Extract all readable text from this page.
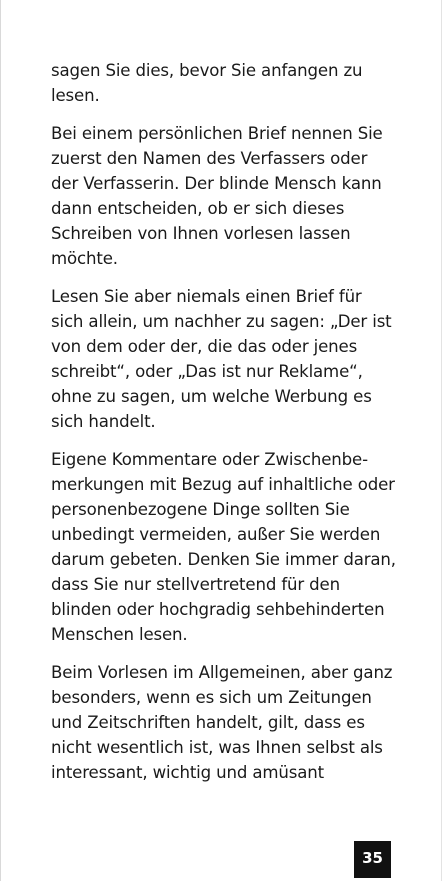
sagen Sie dies, bevor Sie anfangen zu lesen.

Bei einem persönlichen Brief nennen Sie zuerst den Namen des Verfassers oder der Verfasserin. Der blinde Mensch kann dann entscheiden, ob er sich dieses Schreiben von Ihnen vorlesen lassen möchte.

Lesen Sie aber niemals einen Brief für sich allein, um nachher zu sagen: „Der ist von dem oder der, die das oder jenes schreibt“, oder „Das ist nur Reklame“, ohne zu sagen, um welche Werbung es sich handelt.

Eigene Kommentare oder Zwischenbemerkungen mit Bezug auf inhaltliche oder personenbezogene Dinge sollten Sie unbedingt vermeiden, außer Sie werden darum gebeten. Denken Sie immer daran, dass Sie nur stellvertretend für den blinden oder hochgradig sehbehinderten Menschen lesen.

Beim Vorlesen im Allgemeinen, aber ganz besonders, wenn es sich um Zeitungen und Zeitschriften handelt, gilt, dass es nicht wesentlich ist, was Ihnen selbst als interessant, wichtig und amüsant

35
